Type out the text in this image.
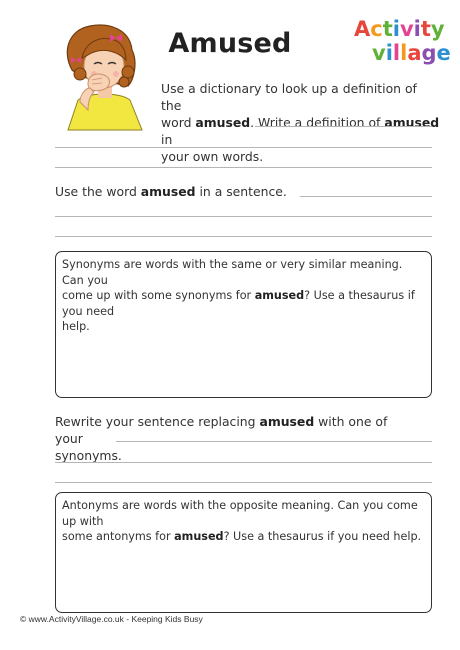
Amused	Activity
village
Use a dictionary to look up a definition of the
word amused. Write a definition of amused in
your own words.
Use the word amused in a sentence.
Synonyms are words with the same or very similar meaning. Can you
come up with some synonyms for amused? Use a thesaurus if you need
help.
Rewrite your sentence replacing amused with one of your
synonyms.
Antonyms are words with the opposite meaning. Can you come up with
some antonyms for amused? Use a thesaurus if you need help.
© www.ActivityVillage.co.uk - Keeping Kids Busy
